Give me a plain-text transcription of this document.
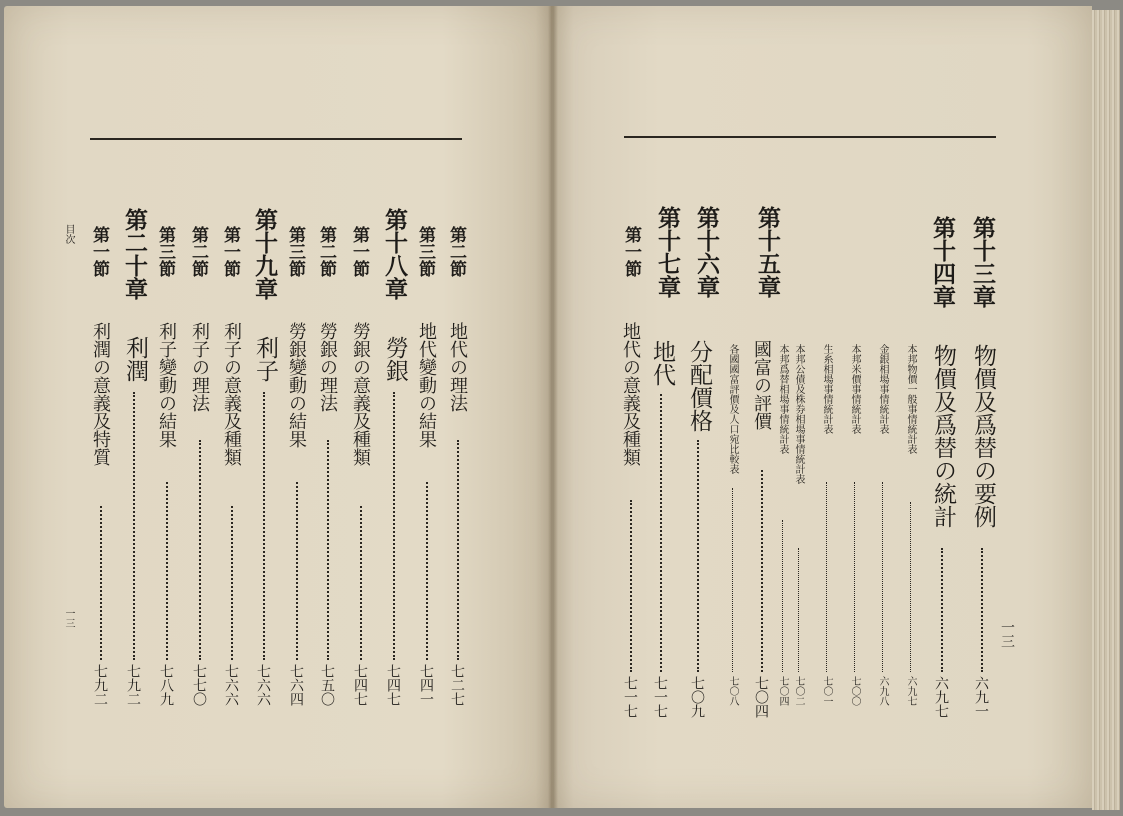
目次
一三
第二節
地代の理法
七二七
第三節
地代變動の結果
七四一
第十八章
勞銀
七四七
第一節
勞銀の意義及種類
七四七
第二節
勞銀の理法
七五〇
第三節
勞銀變動の結果
七六四
第十九章
利子
七六六
第一節
利子の意義及種類
七六六
第二節
利子の理法
七七〇
第三節
利子變動の結果
七八九
第二十章
利潤
七九二
第一節
利潤の意義及特質
七九二
一三
第十三章
物價及爲替の要例
六九一
第十四章
物價及爲替の統計
六九七
本邦物價一般事情統計表
六九七
金銀相場事情統計表
六九八
本邦米價事情統計表
七〇〇
生糸相場事情統計表
七〇一
本邦公債及株券相場事情統計表
七〇二
本邦爲替相場事情統計表
七〇四
第十五章
國富の評價
七〇四
各國國富評價及人口宛比較表
七〇八
第十六章
分配價格
七〇九
第十七章
地代
七一七
第一節
地代の意義及種類
七一七
